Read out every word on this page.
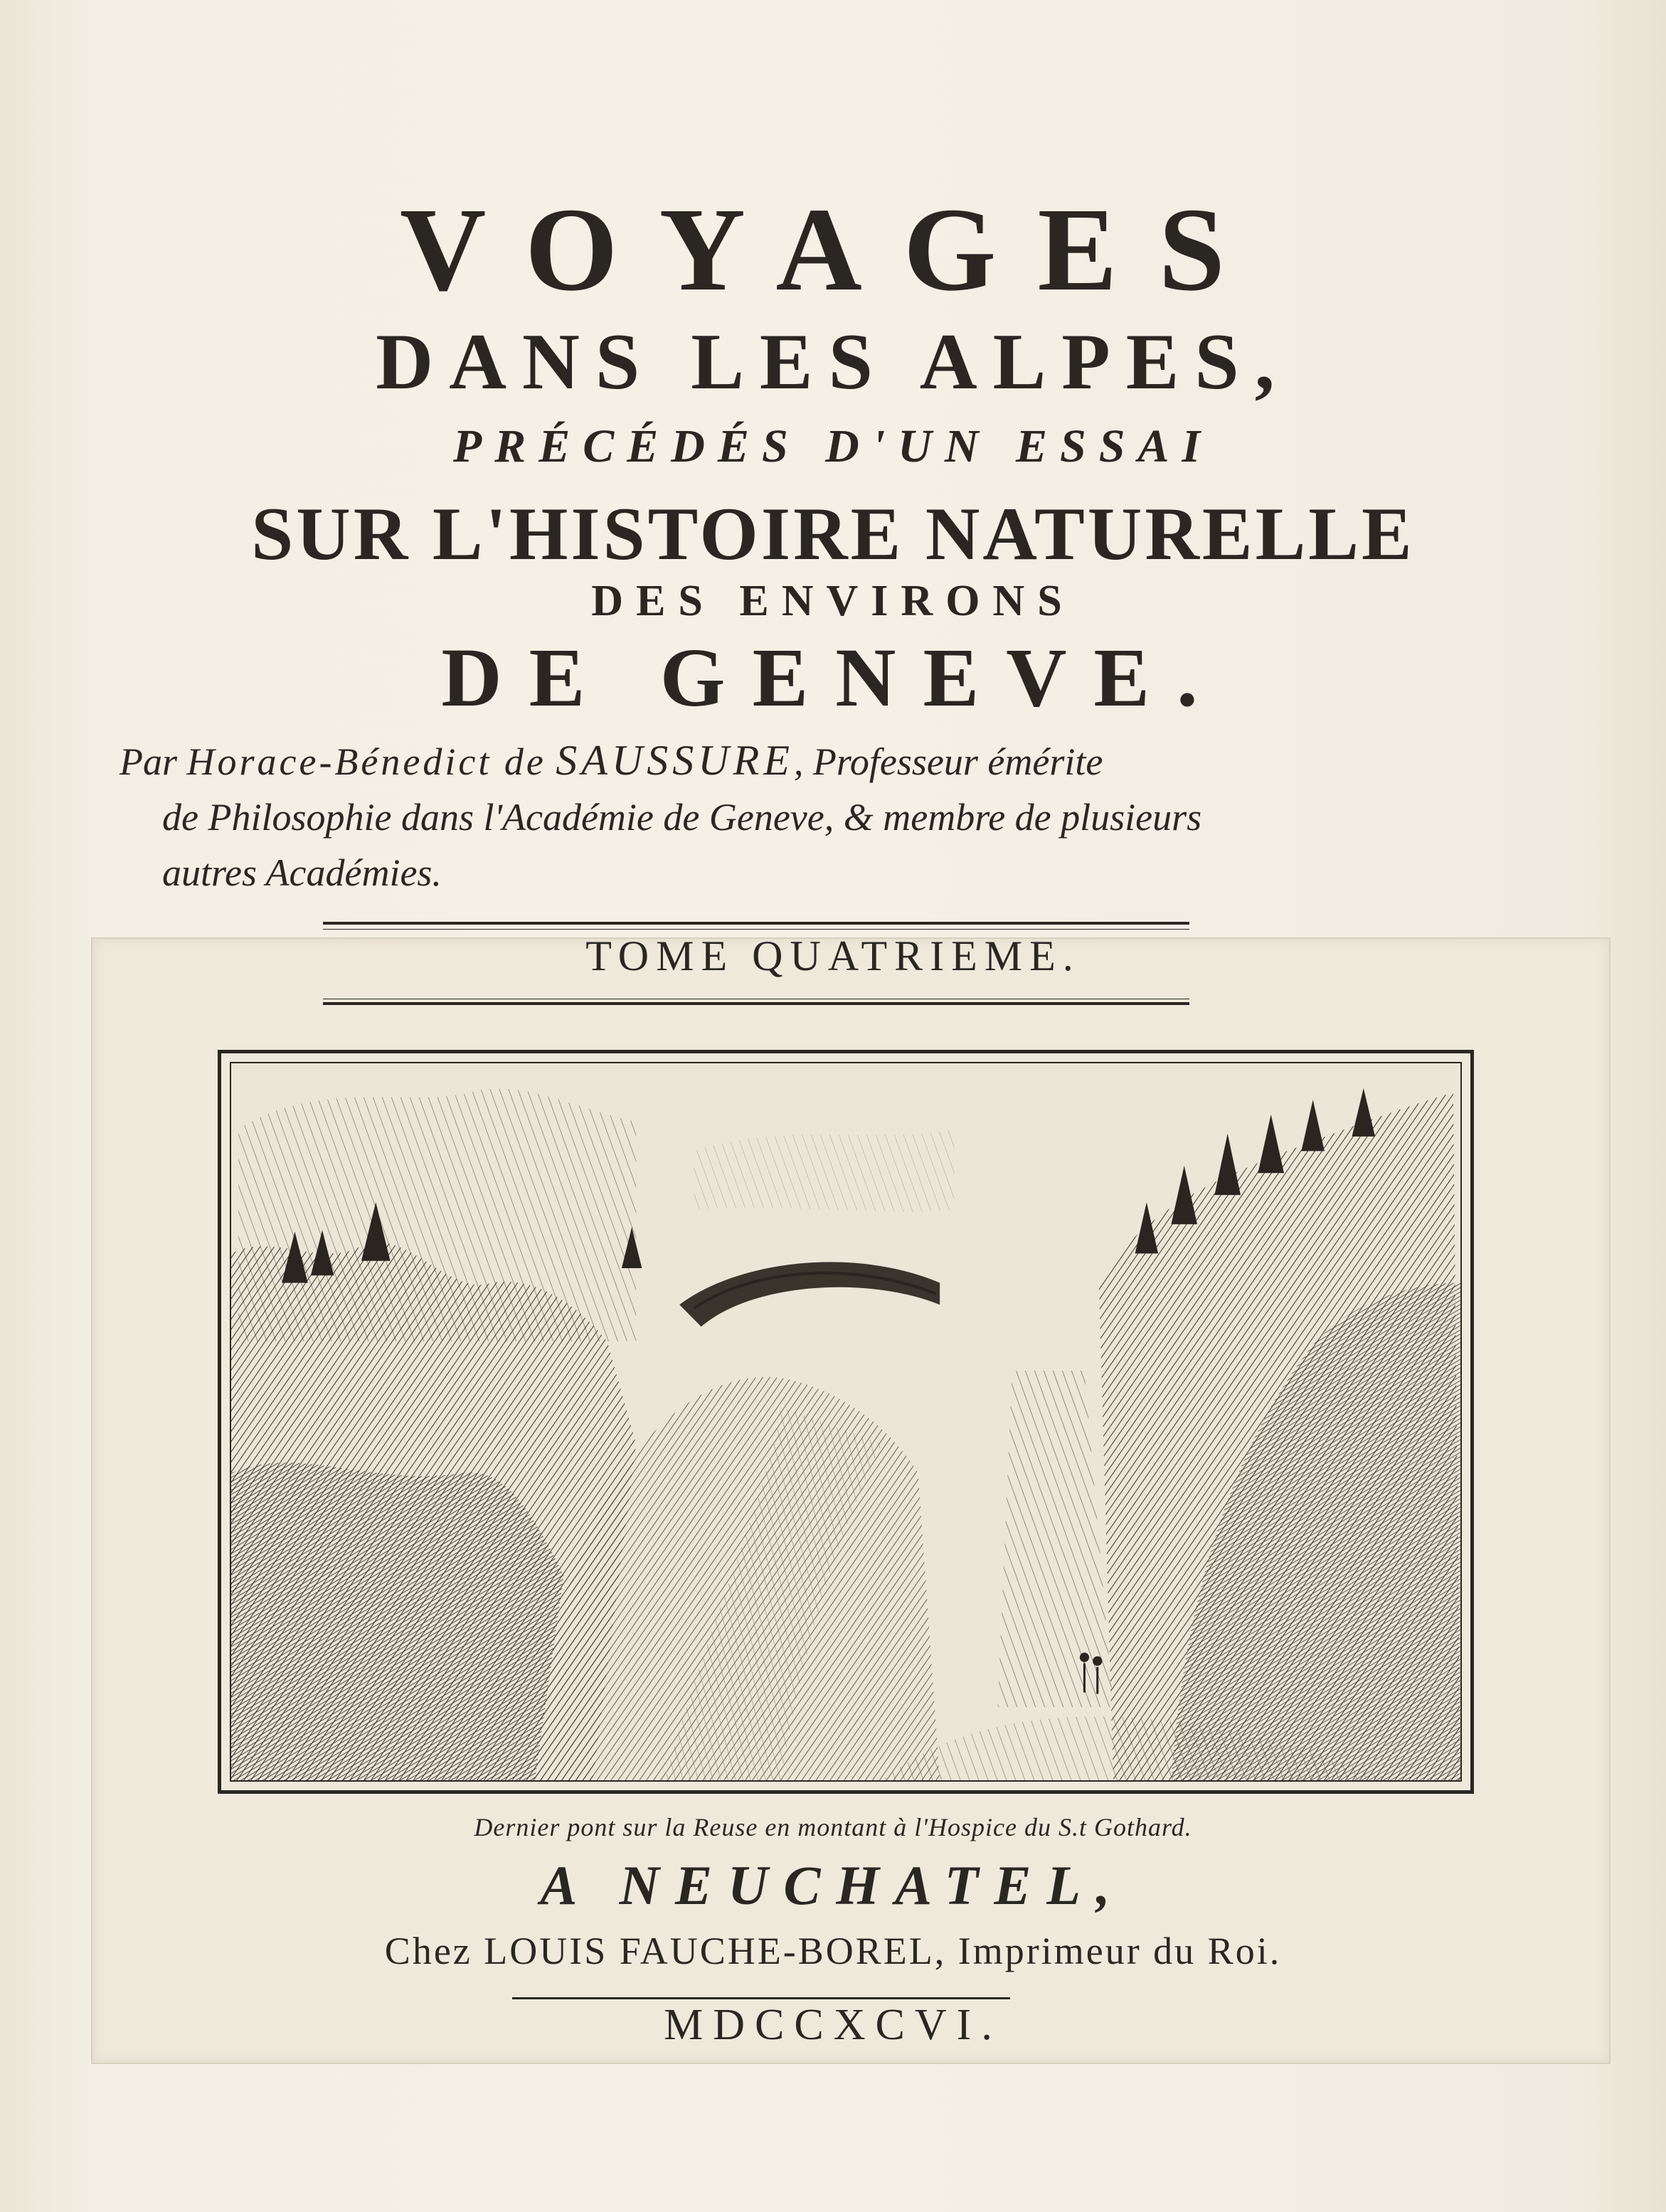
VOYAGES
DANS LES ALPES,
PRÉCÉDÉS D'UN ESSAI
SUR L'HISTOIRE NATURELLE
DES ENVIRONS
DE GENEVE.
Par Horace-Bénedict de SAUSSURE, Professeur émérite
de Philosophie dans l'Académie de Geneve, & membre de plusieurs
autres Académies.
TOME QUATRIEME.
Dernier pont sur la Reuse en montant à l'Hospice du S.t Gothard.
A NEUCHATEL,
Chez LOUIS FAUCHE-BOREL, Imprimeur du Roi.
MDCCXCVI.
